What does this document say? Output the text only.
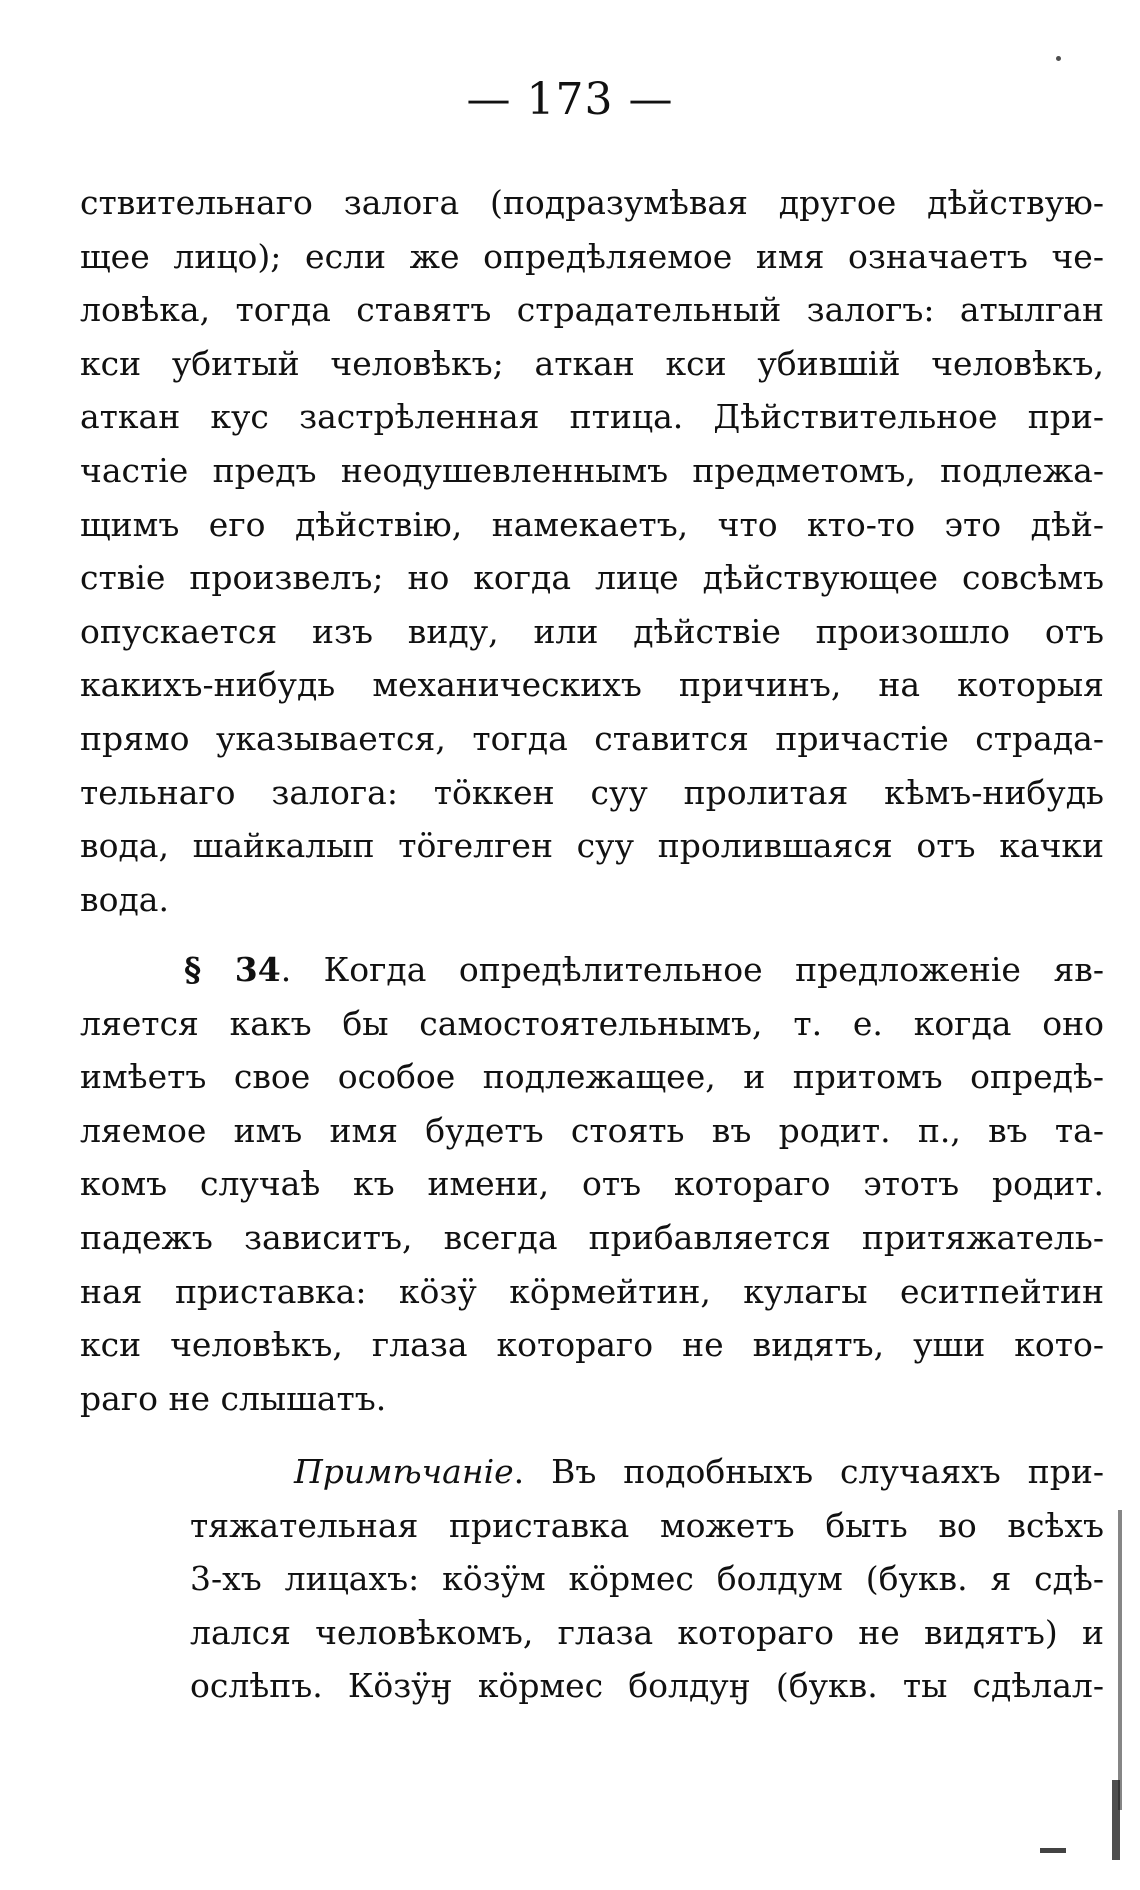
— 173 —
ствительнаго залога (подразумѣвая другое дѣйствую-
щее лицо); если же опредѣляемое имя означаетъ че-
ловѣка, тогда ставятъ страдательный залогъ: атылган
кси убитый человѣкъ; аткан кси убившій человѣкъ,
аткан кус застрѣленная птица. Дѣйствительное при-
частіе предъ неодушевленнымъ предметомъ, подлежа-
щимъ его дѣйствію, намекаетъ, что кто-то это дѣй-
ствіе произвелъ; но когда лице дѣйствующее совсѣмъ
опускается изъ виду, или дѣйствіе произошло отъ
какихъ-нибудь механическихъ причинъ, на которыя
прямо указывается, тогда ставится причастіе страда-
тельнаго залога: тöккен суу пролитая кѣмъ-нибудь
вода, шайкалып тöгелген суу пролившаяся отъ качки
вода.
§ 34. Когда опредѣлительное предложеніе яв-
ляется какъ бы самостоятельнымъ, т. е. когда оно
имѣетъ свое особое подлежащее, и притомъ опредѣ-
ляемое имъ имя будетъ стоять въ родит. п., въ та-
комъ случаѣ къ имени, отъ котораго этотъ родит.
падежъ зависитъ, всегда прибавляется притяжатель-
ная приставка: кöзӱ кöрмейтин, кулагы еситпейтин
кси человѣкъ, глаза котораго не видятъ, уши кото-
раго не слышатъ.
Примѣчаніе. Въ подобныхъ случаяхъ при-
тяжательная приставка можетъ быть во всѣхъ
3-хъ лицахъ: кöзӱм кöрмес болдум (букв. я сдѣ-
лался человѣкомъ, глаза котораго не видятъ) и
ослѣпъ. Кöзӱӈ кöрмес болдуӈ (букв. ты сдѣлал-
